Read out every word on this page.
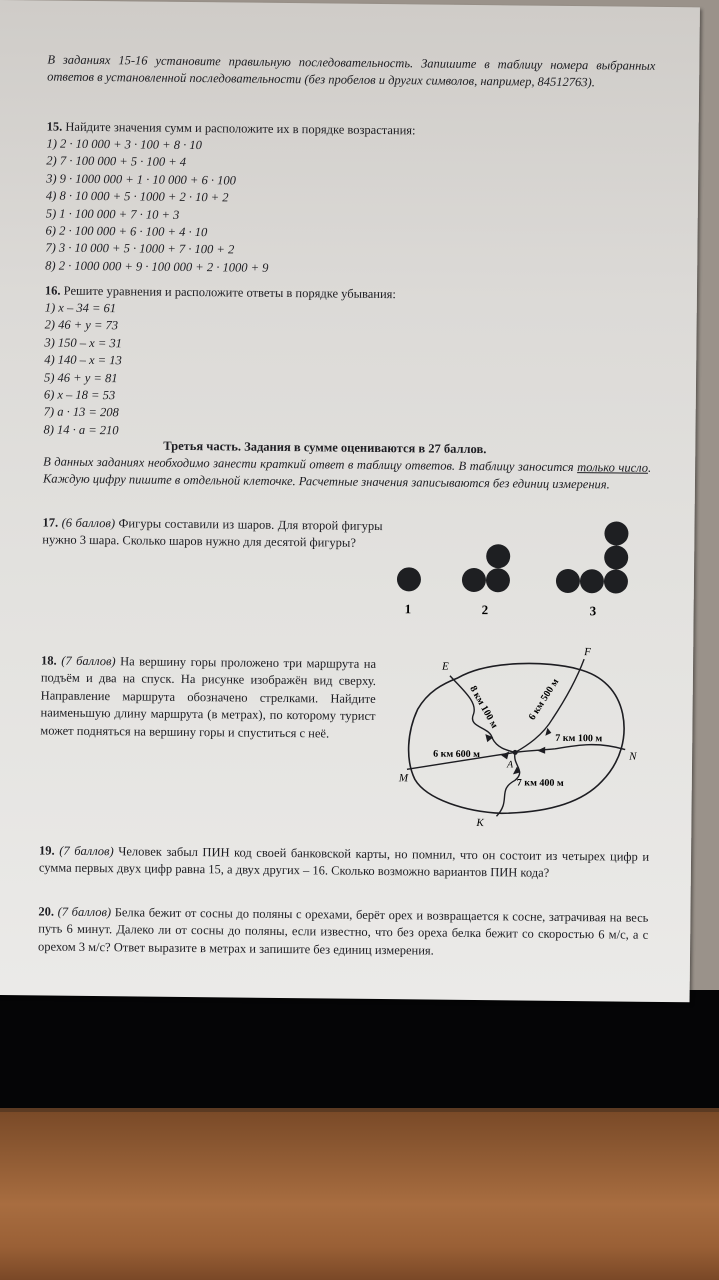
В заданиях 15-16 установите правильную последовательность. Запишите в таблицу номера выбранных ответов в установленной последовательности (без пробелов и других символов, например, 84512763).
15. Найдите значения сумм и расположите их в порядке возрастания:
1) 2 · 10 000 + 3 · 100 + 8 · 10
2) 7 · 100 000 + 5 · 100 + 4
3) 9 · 1000 000 + 1 · 10 000 + 6 · 100
4) 8 · 10 000 + 5 · 1000 + 2 · 10 + 2
5) 1 · 100 000 + 7 · 10 + 3
6) 2 · 100 000 + 6 · 100 + 4 · 10
7) 3 · 10 000 + 5 · 1000 + 7 · 100 + 2
8) 2 · 1000 000 + 9 · 100 000 + 2 · 1000 + 9
16. Решите уравнения и расположите ответы в порядке убывания:
1) x – 34 = 61
2) 46 + y = 73
3) 150 – x = 31
4) 140 – x = 13
5) 46 + y = 81
6) x – 18 = 53
7) a · 13 = 208
8) 14 · a = 210
Третья часть. Задания в сумме оцениваются в 27 баллов.
В данных заданиях необходимо занести краткий ответ в таблицу ответов. В таблицу заносится только число. Каждую цифру пишите в отдельной клеточке. Расчетные значения записываются без единиц измерения.
17. (6 баллов) Фигуры составили из шаров. Для второй фигуры нужно 3 шара. Сколько шаров нужно для десятой фигуры?
1	2	3
18. (7 баллов) На вершину горы проложено три маршрута на подъём и два на спуск. На рисунке изображён вид сверху. Направление маршрута обозначено стрелками. Найдите наименьшую длину маршрута (в метрах), по которому турист может подняться на вершину горы и спуститься с неё.
E
F
N
M
K
A
8 км 100 м	6 км 500 м
7 км 100 м
6 км 600 м
7 км 400 м
19. (7 баллов) Человек забыл ПИН код своей банковской карты, но помнил, что он состоит из четырех цифр и сумма первых двух цифр равна 15, а двух других – 16. Сколько возможно вариантов ПИН кода?
20. (7 баллов) Белка бежит от сосны до поляны с орехами, берёт орех и возвращается к сосне, затрачивая на весь путь 6 минут. Далеко ли от сосны до поляны, если известно, что без ореха белка бежит со скоростью 6 м/с, а с орехом 3 м/с? Ответ выразите в метрах и запишите без единиц измерения.
